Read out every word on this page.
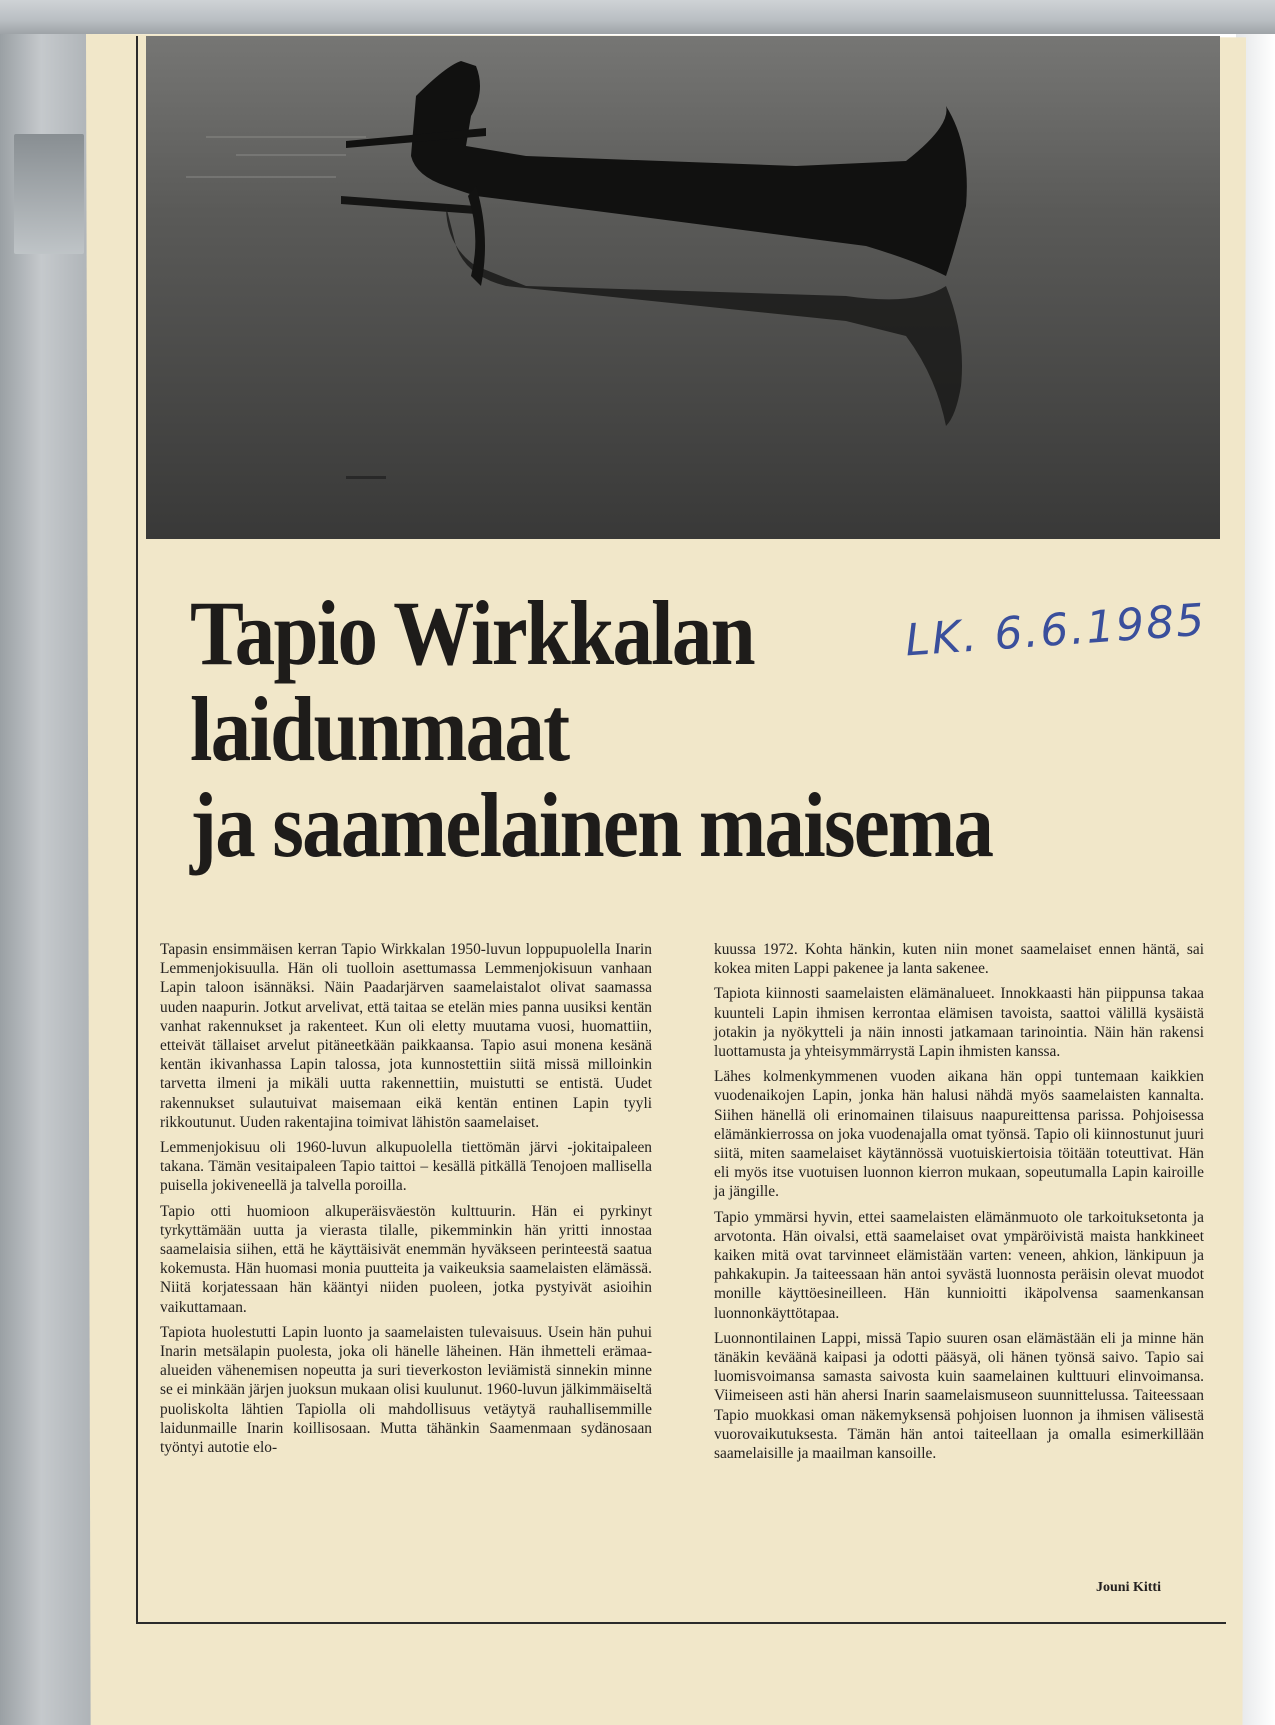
Tapio Wirkkalan
laidunmaat
ja saamelainen maisema
LK. 6.6.1985

Tapasin ensimmäisen kerran Tapio Wirkkalan 1950-luvun loppupuolella Inarin Lemmenjokisuulla. Hän oli tuolloin asettumassa Lemmenjokisuun vanhaan Lapin taloon isännäksi. Näin Paadarjärven saamelaistalot olivat saamassa uuden naapurin. Jotkut arvelivat, että taitaa se etelän mies panna uusiksi kentän vanhat rakennukset ja rakenteet. Kun oli eletty muutama vuosi, huomattiin, etteivät tällaiset arvelut pitäneetkään paikkaansa. Tapio asui monena kesänä kentän ikivanhassa Lapin talossa, jota kunnostettiin siitä missä milloinkin tarvetta ilmeni ja mikäli uutta rakennettiin, muistutti se entistä. Uudet rakennukset sulautuivat maisemaan eikä kentän entinen Lapin tyyli rikkoutunut. Uuden rakentajina toimivat lähistön saamelaiset.

Lemmenjokisuu oli 1960-luvun alkupuolella tiettömän järvi -jokitaipaleen takana. Tämän vesitaipaleen Tapio taittoi – kesällä pitkällä Tenojoen mallisella puisella jokiveneellä ja talvella poroilla.

Tapio otti huomioon alkuperäisväestön kulttuurin. Hän ei pyrkinyt tyrkyttämään uutta ja vierasta tilalle, pikemminkin hän yritti innostaa saamelaisia siihen, että he käyttäisivät enemmän hyväkseen perinteestä saatua kokemusta. Hän huomasi monia puutteita ja vaikeuksia saamelaisten elämässä. Niitä korjatessaan hän kääntyi niiden puoleen, jotka pystyivät asioihin vaikuttamaan.

Tapiota huolestutti Lapin luonto ja saamelaisten tulevaisuus. Usein hän puhui Inarin metsälapin puolesta, joka oli hänelle läheinen. Hän ihmetteli erämaa-alueiden vähenemisen nopeutta ja suri tieverkoston leviämistä sinnekin minne se ei minkään järjen juoksun mukaan olisi kuulunut. 1960-luvun jälkimmäiseltä puoliskolta lähtien Tapiolla oli mahdollisuus vetäytyä rauhallisemmille laidunmaille Inarin koillisosaan. Mutta tähänkin Saamenmaan sydänosaan työntyi autotie elo-

kuussa 1972. Kohta hänkin, kuten niin monet saamelaiset ennen häntä, sai kokea miten Lappi pakenee ja lanta sakenee.

Tapiota kiinnosti saamelaisten elämänalueet. Innokkaasti hän piippunsa takaa kuunteli Lapin ihmisen kerrontaa elämisen tavoista, saattoi välillä kysäistä jotakin ja nyökytteli ja näin innosti jatkamaan tarinointia. Näin hän rakensi luottamusta ja yhteisymmärrystä Lapin ihmisten kanssa.

Lähes kolmenkymmenen vuoden aikana hän oppi tuntemaan kaikkien vuodenaikojen Lapin, jonka hän halusi nähdä myös saamelaisten kannalta. Siihen hänellä oli erinomainen tilaisuus naapureittensa parissa. Pohjoisessa elämänkierrossa on joka vuodenajalla omat työnsä. Tapio oli kiinnostunut juuri siitä, miten saamelaiset käytännössä vuotuiskiertoisia töitään toteuttivat. Hän eli myös itse vuotuisen luonnon kierron mukaan, sopeutumalla Lapin kairoille ja jängille.

Tapio ymmärsi hyvin, ettei saamelaisten elämänmuoto ole tarkoituksetonta ja arvotonta. Hän oivalsi, että saamelaiset ovat ympäröivistä maista hankkineet kaiken mitä ovat tarvinneet elämistään varten: veneen, ahkion, länkipuun ja pahkakupin. Ja taiteessaan hän antoi syvästä luonnosta peräisin olevat muodot monille käyttöesineilleen. Hän kunnioitti ikäpolvensa saamenkansan luonnonkäyttötapaa.

Luonnontilainen Lappi, missä Tapio suuren osan elämästään eli ja minne hän tänäkin keväänä kaipasi ja odotti pääsyä, oli hänen työnsä saivo. Tapio sai luomisvoimansa samasta saivosta kuin saamelainen kulttuuri elinvoimansa. Viimeiseen asti hän ahersi Inarin saamelaismuseon suunnittelussa. Taiteessaan Tapio muokkasi oman näkemyksensä pohjoisen luonnon ja ihmisen välisestä vuorovaikutuksesta. Tämän hän antoi taiteellaan ja omalla esimerkillään saamelaisille ja maailman kansoille.

Jouni Kitti
